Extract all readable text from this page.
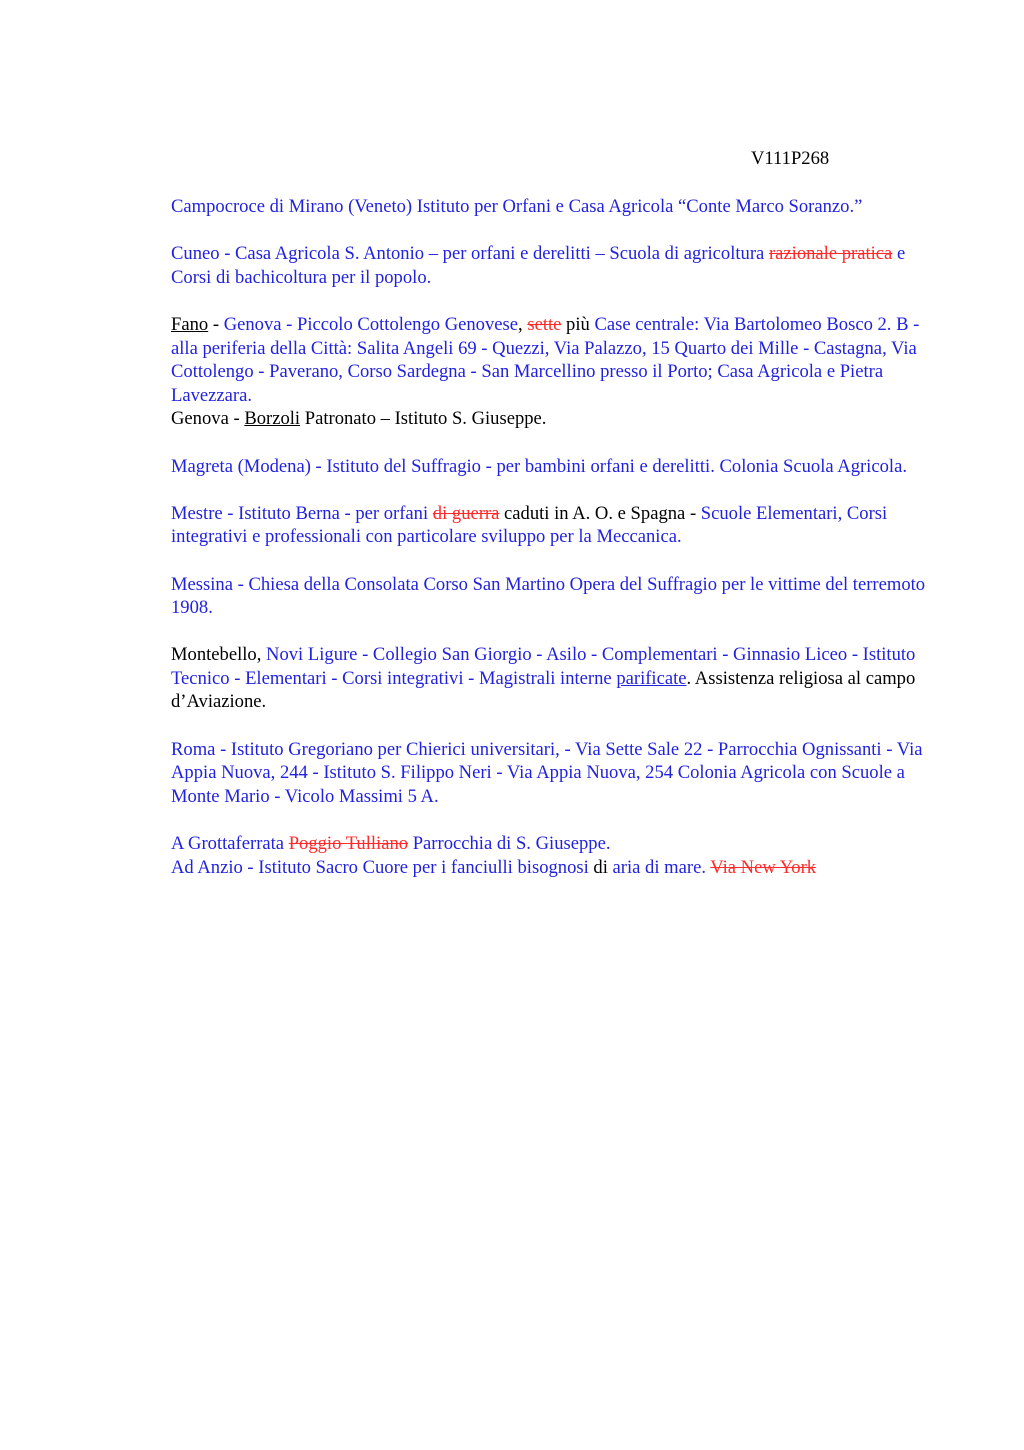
V111P268

Campocroce di Mirano (Veneto) Istituto per Orfani e Casa Agricola “Conte Marco Soranzo.”

Cuneo - Casa Agricola S. Antonio – per orfani e derelitti – Scuola di agricoltura razionale pratica e Corsi di bachicoltura per il popolo.

Fano - Genova - Piccolo Cottolengo Genovese, sette più Case centrale: Via Bartolomeo Bosco 2. B - alla periferia della Città: Salita Angeli 69 - Quezzi, Via Palazzo, 15 Quarto dei Mille - Castagna, Via Cottolengo - Paverano, Corso Sardegna - San Marcellino presso il Porto; Casa Agricola e Pietra Lavezzara.

Genova - Borzoli Patronato – Istituto S. Giuseppe.

Magreta (Modena) - Istituto del Suffragio - per bambini orfani e derelitti. Colonia Scuola Agricola.

Mestre - Istituto Berna - per orfani di guerra caduti in A. O. e Spagna - Scuole Elementari, Corsi integrativi e professionali con particolare sviluppo per la Meccanica.

Messina - Chiesa della Consolata Corso San Martino Opera del Suffragio per le vittime del terremoto 1908.

Montebello, Novi Ligure - Collegio San Giorgio - Asilo - Complementari - Ginnasio Liceo - Istituto Tecnico - Elementari - Corsi integrativi - Magistrali interne parificate. Assistenza religiosa al campo d’Aviazione.

Roma - Istituto Gregoriano per Chierici universitari, - Via Sette Sale 22 - Parrocchia Ognissanti - Via Appia Nuova, 244 - Istituto S. Filippo Neri - Via Appia Nuova, 254 Colonia Agricola con Scuole a Monte Mario - Vicolo Massimi 5 A.

A Grottaferrata Poggio Tulliano Parrocchia di S. Giuseppe.

Ad Anzio - Istituto Sacro Cuore per i fanciulli bisognosi di aria di mare. Via New York
